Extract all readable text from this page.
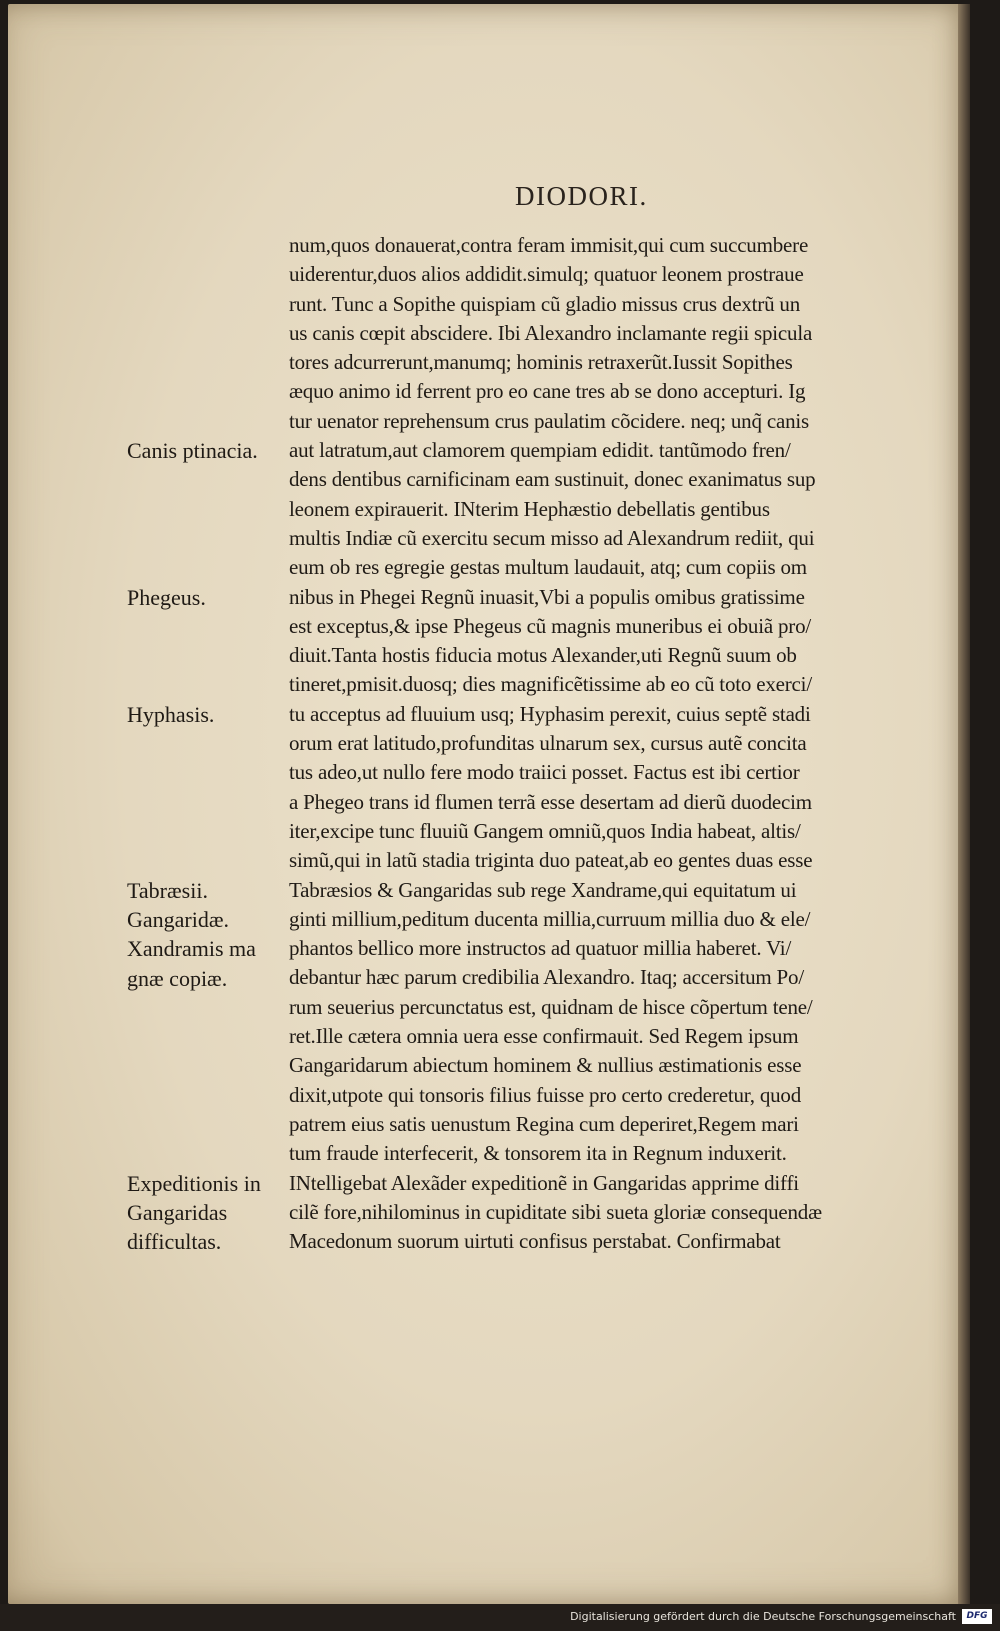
DIODORI.
num,quos donauerat,contra feram immisit,qui cum succumbere
uiderentur,duos alios addidit.simulq; quatuor leonem prostraue
runt. Tunc a Sopithe quispiam cũ gladio missus crus dextrũ un
us canis cœpit abscidere. Ibi Alexandro inclamante regii spicula
tores adcurrerunt,manumq; hominis retraxerũt.Iussit Sopithes
æquo animo id ferrent pro eo cane tres ab se dono accepturi. Ig
tur uenator reprehensum crus paulatim cõcidere. neq; unq̃ canis
aut latratum,aut clamorem quempiam edidit. tantũmodo fren/
dens dentibus carnificinam eam sustinuit, donec exanimatus sup
leonem expirauerit. INterim Hephæstio debellatis gentibus
multis Indiæ cũ exercitu secum misso ad Alexandrum rediit, qui
eum ob res egregie gestas multum laudauit, atq; cum copiis om
nibus in Phegei Regnũ inuasit,Vbi a populis omibus gratissime
est exceptus,& ipse Phegeus cũ magnis muneribus ei obuiã pro/
diuit.Tanta hostis fiducia motus Alexander,uti Regnũ suum ob
tineret,pmisit.duosq; dies magnificẽtissime ab eo cũ toto exerci/
tu acceptus ad fluuium usq; Hyphasim perexit, cuius septẽ stadi
orum erat latitudo,profunditas ulnarum sex, cursus autẽ concita
tus adeo,ut nullo fere modo traiici posset. Factus est ibi certior
a Phegeo trans id flumen terrã esse desertam ad dierũ duodecim
iter,excipe tunc fluuiũ Gangem omniũ,quos India habeat, altis/
simũ,qui in latũ stadia triginta duo pateat,ab eo gentes duas esse
Tabræsios & Gangaridas sub rege Xandrame,qui equitatum ui
ginti millium,peditum ducenta millia,curruum millia duo & ele/
phantos bellico more instructos ad quatuor millia haberet. Vi/
debantur hæc parum credibilia Alexandro. Itaq; accersitum Po/
rum seuerius percunctatus est, quidnam de hisce cõpertum tene/
ret.Ille cætera omnia uera esse confirmauit. Sed Regem ipsum
Gangaridarum abiectum hominem & nullius æstimationis esse
dixit,utpote qui tonsoris filius fuisse pro certo crederetur, quod
patrem eius satis uenustum Regina cum deperiret,Regem mari
tum fraude interfecerit, & tonsorem ita in Regnum induxerit.
INtelligebat Alexãder expeditionẽ in Gangaridas apprime diffi
cilẽ fore,nihilominus in cupiditate sibi sueta gloriæ consequendæ
Macedonum suorum uirtuti confisus perstabat. Confirmabat
Canis ptinacia.
Phegeus.
Hyphasis.
Tabræsii.
Gangaridæ.
Xandramis ma
gnæ copiæ.
Expeditionis in
Gangaridas
difficultas.
Digitalisierung gefördert durch die Deutsche Forschungsgemeinschaft	DFG
